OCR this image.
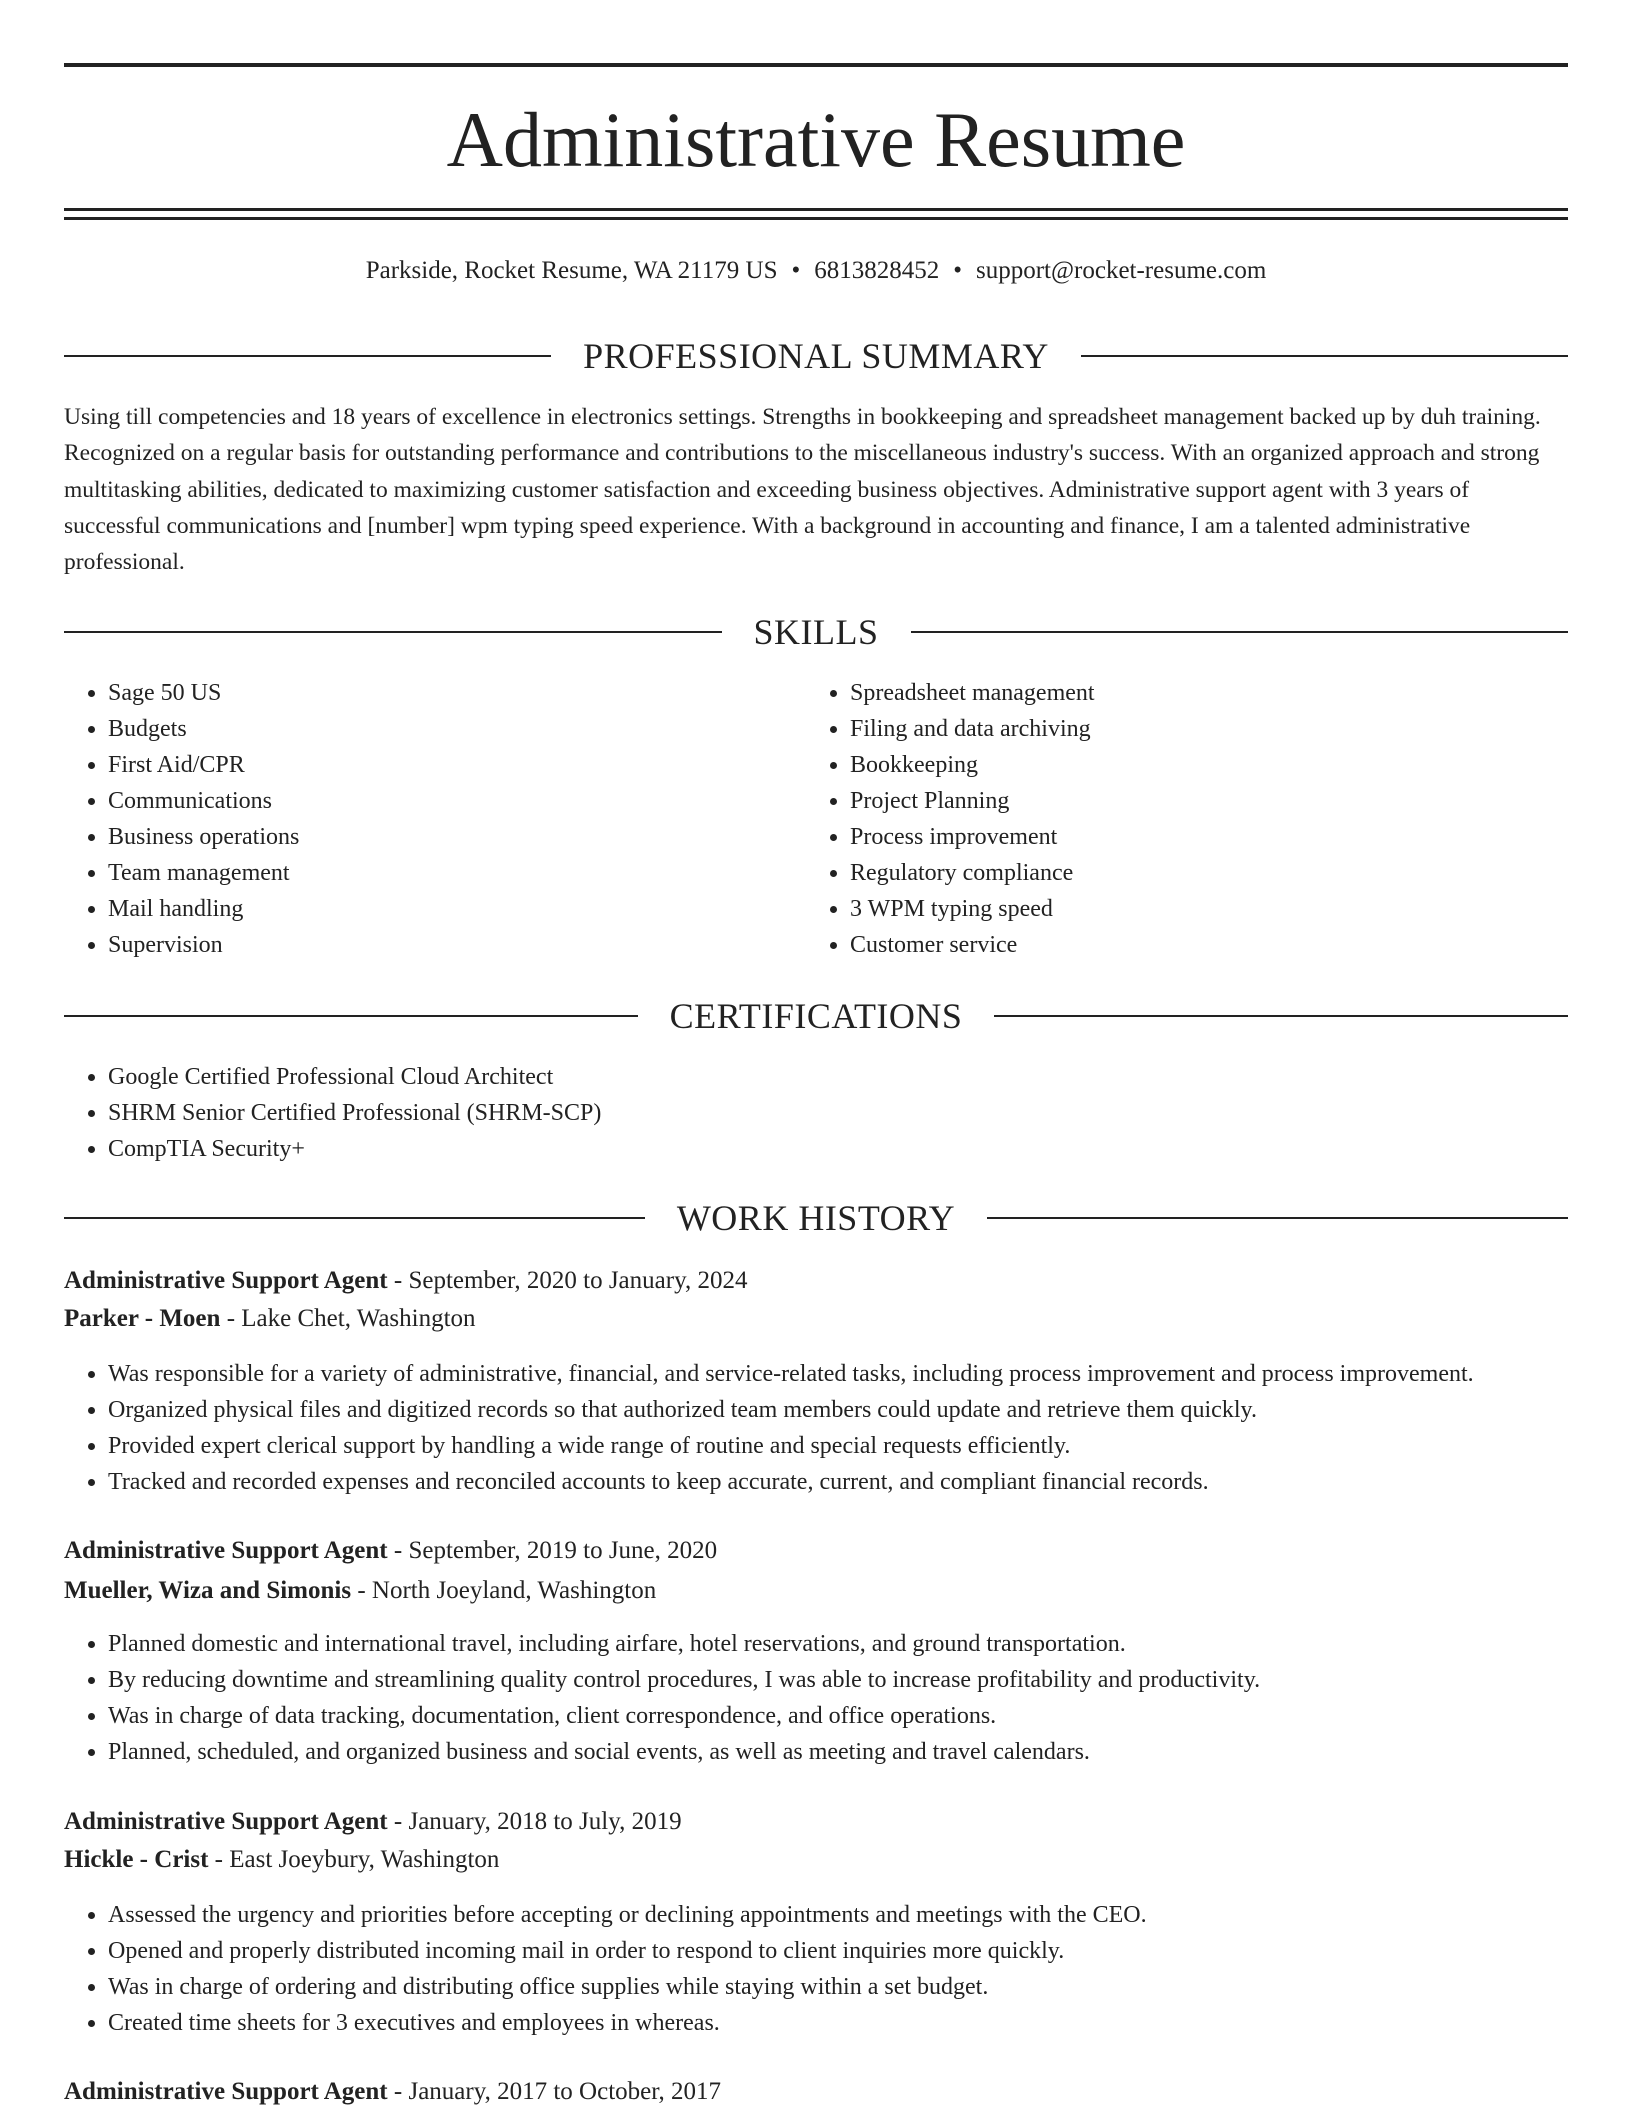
Administrative Resume
Parkside, Rocket Resume, WA 21179 US • 6813828452 • support@rocket-resume.com
PROFESSIONAL SUMMARY

Using till competencies and 18 years of excellence in electronics settings. Strengths in bookkeeping and spreadsheet management backed up by duh training. Recognized on a regular basis for outstanding performance and contributions to the miscellaneous industry's success. With an organized approach and strong multitasking abilities, dedicated to maximizing customer satisfaction and exceeding business objectives. Administrative support agent with 3 years of successful communications and [number] wpm typing speed experience. With a background in accounting and finance, I am a talented administrative professional.

SKILLS
• Sage 50 US
• Budgets
• First Aid/CPR
• Communications
• Business operations
• Team management
• Mail handling
• Supervision
• Spreadsheet management
• Filing and data archiving
• Bookkeeping
• Project Planning
• Process improvement
• Regulatory compliance
• 3 WPM typing speed
• Customer service
CERTIFICATIONS
• Google Certified Professional Cloud Architect
• SHRM Senior Certified Professional (SHRM-SCP)
• CompTIA Security+
WORK HISTORY
Administrative Support Agent - September, 2020 to January, 2024
Parker - Moen - Lake Chet, Washington
• Was responsible for a variety of administrative, financial, and service-related tasks, including process improvement and process improvement.
• Organized physical files and digitized records so that authorized team members could update and retrieve them quickly.
• Provided expert clerical support by handling a wide range of routine and special requests efficiently.
• Tracked and recorded expenses and reconciled accounts to keep accurate, current, and compliant financial records.
Administrative Support Agent - September, 2019 to June, 2020
Mueller, Wiza and Simonis - North Joeyland, Washington
• Planned domestic and international travel, including airfare, hotel reservations, and ground transportation.
• By reducing downtime and streamlining quality control procedures, I was able to increase profitability and productivity.
• Was in charge of data tracking, documentation, client correspondence, and office operations.
• Planned, scheduled, and organized business and social events, as well as meeting and travel calendars.
Administrative Support Agent - January, 2018 to July, 2019
Hickle - Crist - East Joeybury, Washington
• Assessed the urgency and priorities before accepting or declining appointments and meetings with the CEO.
• Opened and properly distributed incoming mail in order to respond to client inquiries more quickly.
• Was in charge of ordering and distributing office supplies while staying within a set budget.
• Created time sheets for 3 executives and employees in whereas.
Administrative Support Agent - January, 2017 to October, 2017
